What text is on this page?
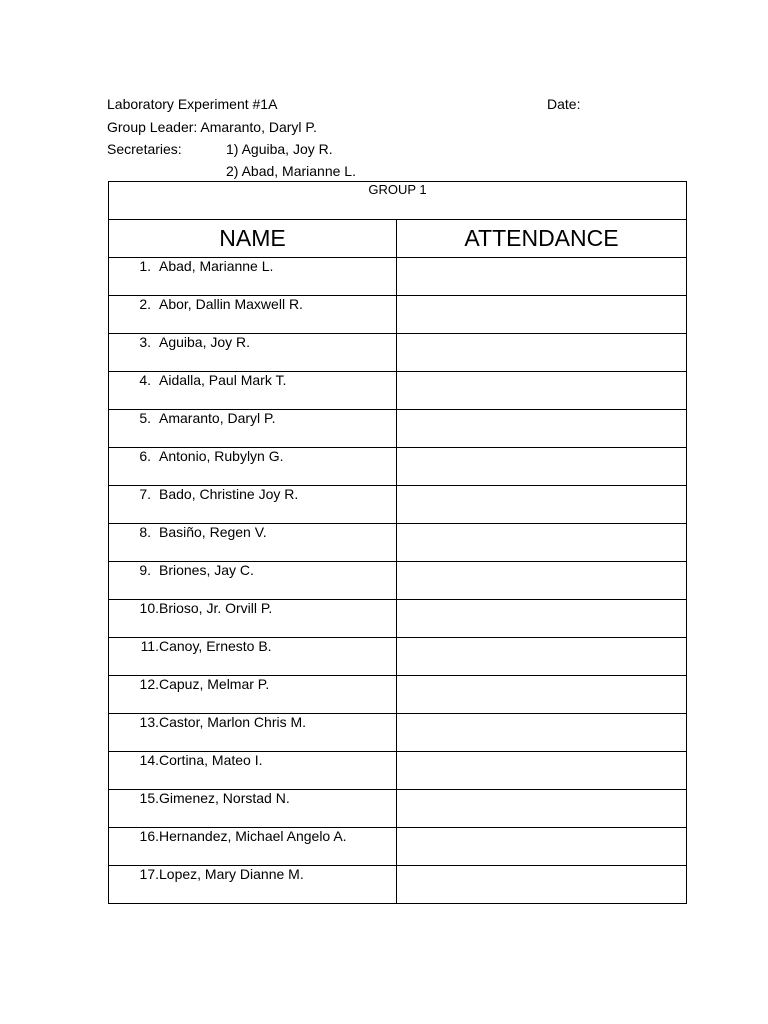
Laboratory Experiment #1A	Date:
Group Leader: Amaranto, Daryl P.
Secretaries:	1) Aguiba, Joy R.
2) Abad, Marianne L.
GROUP 1	
NAME	ATTENDANCE
1. Abad, Marianne L.	
2. Abor, Dallin Maxwell R.	
3. Aguiba, Joy R.	
4. Aidalla, Paul Mark T.	
5. Amaranto, Daryl P.	
6. Antonio, Rubylyn G.	
7. Bado, Christine Joy R.	
8. Basiño, Regen V.	
9. Briones, Jay C.	
10.Brioso, Jr. Orvill P.	
11.Canoy, Ernesto B.	
12.Capuz, Melmar P.	
13.Castor, Marlon Chris M.	
14.Cortina, Mateo I.	
15.Gimenez, Norstad N.	
16.Hernandez, Michael Angelo A.	
17.Lopez, Mary Dianne M.	
